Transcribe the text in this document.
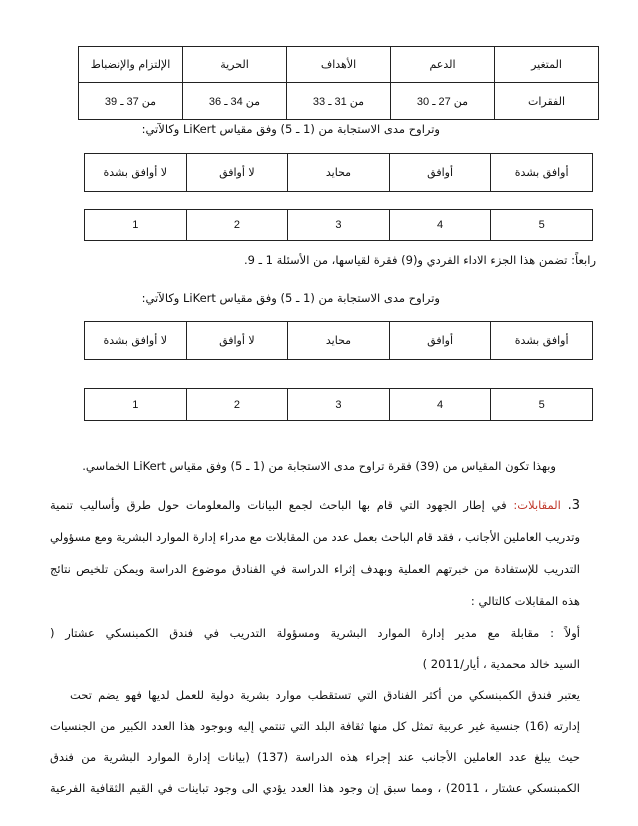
المتغير	الدعم	الأهداف	الحرية	الإلتزام والإنضباط
الفقرات	من 27 ـ 30	من 31 ـ 33	من 34 ـ 36	من 37 ـ 39
وتراوح مدى الاستجابة من (1 ـ 5) وفق مقياس LiKert وكالآتي:
أوافق بشدة	أوافق	محايد	لا أوافق	لا أوافق بشدة
5	4	3	2	1
رابعاً: تضمن هذا الجزء الاداء الفردي و(9) فقرة لقياسها، من الأسئلة 1 ـ 9.
وتراوح مدى الاستجابة من (1 ـ 5) وفق مقياس LiKert وكالآتي:
أوافق بشدة	أوافق	محايد	لا أوافق	لا أوافق بشدة
5	4	3	2	1
وبهذا تكون المقياس من (39) فقرة تراوح مدى الاستجابة من (1 ـ 5) وفق مقياس LiKert الخماسي.
3. المقابلات: في إطار الجهود التي قام بها الباحث لجمع البيانات والمعلومات حول طرق وأساليب تنمية
وتدريب العاملين الأجانب ، فقد قام الباحث بعمل عدد من المقابلات مع مدراء إدارة الموارد البشرية ومع مسؤولي
التدريب للإستفادة من خبرتهم العملية وبهدف إثراء الدراسة في الفنادق موضوع الدراسة ويمكن تلخيص نتائج
هذه المقابلات كالتالي :
أولاً : مقابلة مع مدير إدارة الموارد البشرية ومسؤولة التدريب في فندق الكمبنسكي عشتار (
السيد خالد محمدية ، أيار/2011 )
يعتبر فندق الكمبنسكي من أكثر الفنادق التي تستقطب موارد بشرية دولية للعمل لديها فهو يضم تحت
إدارته (16) جنسية غير عربية تمثل كل منها ثقافة البلد التي تنتمي إليه وبوجود هذا العدد الكبير من الجنسيات
حيث يبلغ عدد العاملين الأجانب عند إجراء هذه الدراسة (137) (بيانات إدارة الموارد البشرية من فندق
الكمبنسكي عشتار ، 2011) ، ومما سبق إن وجود هذا العدد يؤدي الى وجود تباينات في القيم الثقافية الفرعية
